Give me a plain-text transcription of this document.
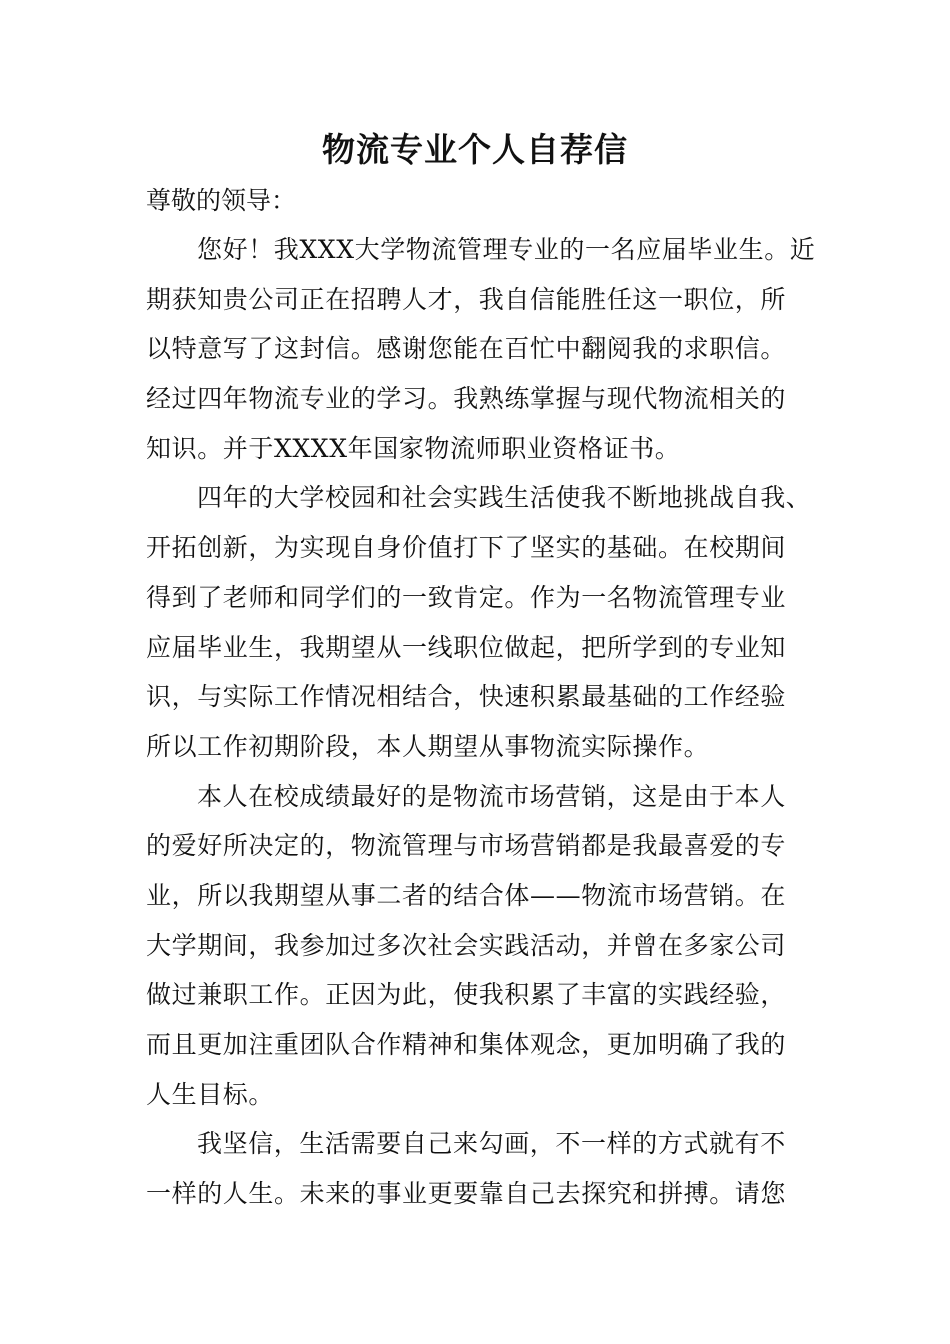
物流专业个人自荐信
尊敬的领导：
您好！我XXX大学物流管理专业的一名应届毕业生。近
期获知贵公司正在招聘人才，我自信能胜任这一职位，所
以特意写了这封信。感谢您能在百忙中翻阅我的求职信。
经过四年物流专业的学习。我熟练掌握与现代物流相关的
知识。并于XXXX年国家物流师职业资格证书。
四年的大学校园和社会实践生活使我不断地挑战自我、
开拓创新，为实现自身价值打下了坚实的基础。在校期间
得到了老师和同学们的一致肯定。作为一名物流管理专业
应届毕业生，我期望从一线职位做起，把所学到的专业知
识，与实际工作情况相结合，快速积累最基础的工作经验
所以工作初期阶段，本人期望从事物流实际操作。
本人在校成绩最好的是物流市场营销，这是由于本人
的爱好所决定的，物流管理与市场营销都是我最喜爱的专
业，所以我期望从事二者的结合体——物流市场营销。在
大学期间，我参加过多次社会实践活动，并曾在多家公司
做过兼职工作。正因为此，使我积累了丰富的实践经验，
而且更加注重团队合作精神和集体观念，更加明确了我的
人生目标。
我坚信，生活需要自己来勾画，不一样的方式就有不
一样的人生。未来的事业更要靠自己去探究和拼搏。请您
